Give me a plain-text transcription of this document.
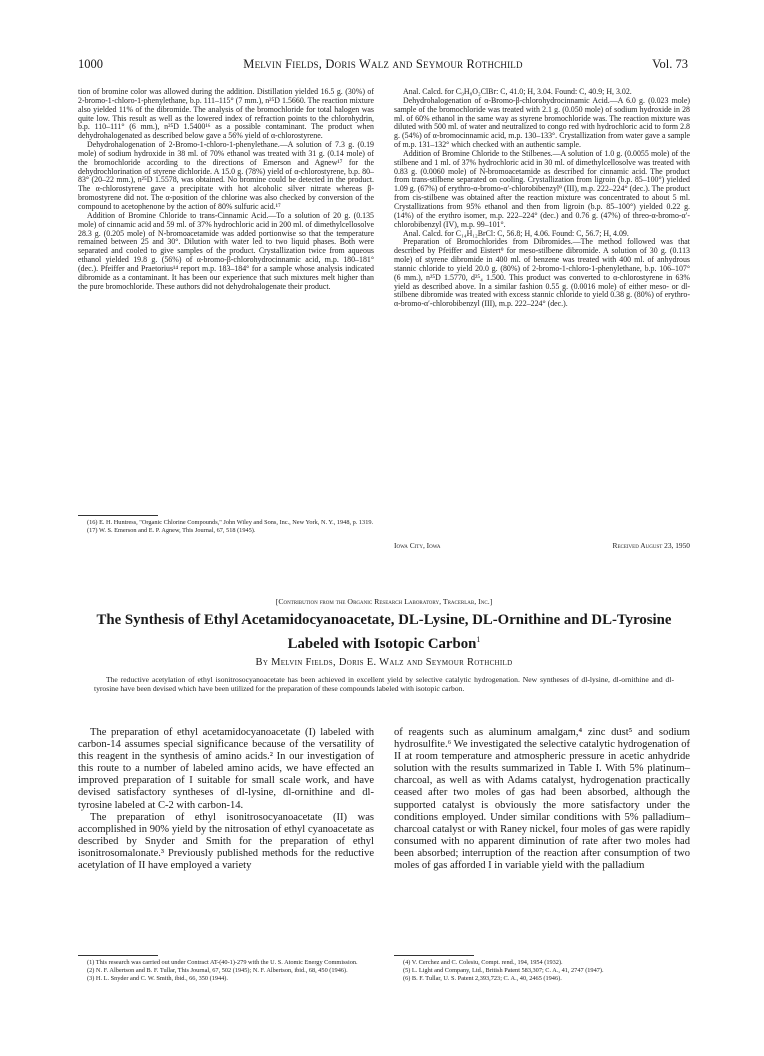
1000	Melvin Fields, Doris Walz and Seymour Rothchild	Vol. 73

tion of bromine color was allowed during the addition. Distillation yielded 16.5 g. (30%) of 2-bromo-1-chloro-1-phenylethane, b.p. 111–115° (7 mm.), n²⁵D 1.5660. The reaction mixture also yielded 11% of the dibromide. The analysis of the bromochloride for total halogen was quite low. This result as well as the lowered index of refraction points to the chlorohydrin, b.p. 110–111° (6 mm.), n²⁵D 1.5400¹⁶ as a possible contaminant. The product when dehydrohalogenated as described below gave a 56% yield of α-chlorostyrene.

Dehydrohalogenation of 2-Bromo-1-chloro-1-phenylethane.—A solution of 7.3 g. (0.19 mole) of sodium hydroxide in 38 ml. of 70% ethanol was treated with 31 g. (0.14 mole) of the bromochloride according to the directions of Emerson and Agnew¹⁷ for the dehydrochlorination of styrene dichloride. A 15.0 g. (78%) yield of α-chlorostyrene, b.p. 80–83° (20–22 mm.), n²⁵D 1.5578, was obtained. No bromine could be detected in the product. The α-chlorostyrene gave a precipitate with hot alcoholic silver nitrate whereas β-bromostyrene did not. The α-position of the chlorine was also checked by conversion of the compound to acetophenone by the action of 80% sulfuric acid.¹⁷

Addition of Bromine Chloride to trans-Cinnamic Acid.—To a solution of 20 g. (0.135 mole) of cinnamic acid and 59 ml. of 37% hydrochloric acid in 200 ml. of dimethylcellosolve 28.3 g. (0.205 mole) of N-bromoacetamide was added portionwise so that the temperature remained between 25 and 30°. Dilution with water led to two liquid phases. Both were separated and cooled to give samples of the product. Crystallization twice from aqueous ethanol yielded 19.8 g. (56%) of α-bromo-β-chlorohydrocinnamic acid, m.p. 180–181° (dec.). Pfeiffer and Praetorius¹⁴ report m.p. 183–184° for a sample whose analysis indicated dibromide as a contaminant. It has been our experience that such mixtures melt higher than the pure bromochloride. These authors did not dehydrohalogenate their product.

(16) E. H. Huntress, "Organic Chlorine Compounds," John Wiley and Sons, Inc., New York, N. Y., 1948, p. 1319.

(17) W. S. Emerson and E. P. Agnew, This Journal, 67, 518 (1945).

Anal. Calcd. for C₉H₈O₂ClBr: C, 41.0; H, 3.04. Found: C, 40.9; H, 3.02.

Dehydrohalogenation of α-Bromo-β-chlorohydrocinnamic Acid.—A 6.0 g. (0.023 mole) sample of the bromochloride was treated with 2.1 g. (0.050 mole) of sodium hydroxide in 28 ml. of 60% ethanol in the same way as styrene bromochloride was. The reaction mixture was diluted with 500 ml. of water and neutralized to congo red with hydrochloric acid to form 2.8 g. (54%) of α-bromocinnamic acid, m.p. 130–133°. Crystallization from water gave a sample of m.p. 131–132° which checked with an authentic sample.

Addition of Bromine Chloride to the Stilbenes.—A solution of 1.0 g. (0.0055 mole) of the stilbene and 1 ml. of 37% hydrochloric acid in 30 ml. of dimethylcellosolve was treated with 0.83 g. (0.0060 mole) of N-bromoacetamide as described for cinnamic acid. The product from trans-stilbene separated on cooling. Crystallization from ligroin (b.p. 85–100°) yielded 1.09 g. (67%) of erythro-α-bromo-α′-chlorobibenzyl⁹ (III), m.p. 222–224° (dec.). The product from cis-stilbene was obtained after the reaction mixture was concentrated to about 5 ml. Crystallizations from 95% ethanol and then from ligroin (b.p. 85–100°) yielded 0.22 g. (14%) of the erythro isomer, m.p. 222–224° (dec.) and 0.76 g. (47%) of threo-α-bromo-α′-chlorobibenzyl (IV), m.p. 99–101°.

Anal. Calcd. for C₁₄H₁₂BrCl: C, 56.8; H, 4.06. Found: C, 56.7; H, 4.09.

Preparation of Bromochlorides from Dibromides.—The method followed was that described by Pfeiffer and Eistert⁹ for meso-stilbene dibromide. A solution of 30 g. (0.113 mole) of styrene dibromide in 400 ml. of benzene was treated with 400 ml. of anhydrous stannic chloride to yield 20.0 g. (80%) of 2-bromo-1-chloro-1-phenylethane, b.p. 106–107° (6 mm.), n²⁵D 1.5770, d²⁵₄ 1.500. This product was converted to α-chlorostyrene in 63% yield as described above. In a similar fashion 0.55 g. (0.0016 mole) of either meso- or dl-stilbene dibromide was treated with excess stannic chloride to yield 0.38 g. (80%) of erythro-α-bromo-α′-chlorobibenzyl (III), m.p. 222–224° (dec.).

Iowa City, Iowa	Received August 23, 1950
[Contribution from the Organic Research Laboratory, Tracerlab, Inc.]
The Synthesis of Ethyl Acetamidocyanoacetate, DL-Lysine, DL-Ornithine and DL-Tyrosine Labeled with Isotopic Carbon$^1$
By Melvin Fields, Doris E. Walz and Seymour Rothchild
The reductive acetylation of ethyl isonitrosocyanoacetate has been achieved in excellent yield by selective catalytic hydrogenation. New syntheses of dl-lysine, dl-ornithine and dl-tyrosine have been devised which have been utilized for the preparation of these compounds labeled with isotopic carbon.

The preparation of ethyl acetamidocyanoacetate (I) labeled with carbon-14 assumes special significance because of the versatility of this reagent in the synthesis of amino acids.² In our investigation of this route to a number of labeled amino acids, we have effected an improved preparation of I suitable for small scale work, and have devised satisfactory syntheses of dl-lysine, dl-ornithine and dl-tyrosine labeled at C-2 with carbon-14.

The preparation of ethyl isonitrosocyanoacetate (II) was accomplished in 90% yield by the nitrosation of ethyl cyanoacetate as described by Snyder and Smith for the preparation of ethyl isonitrosomalonate.³ Previously published methods for the reductive acetylation of II have employed a variety

(1) This research was carried out under Contract AT-(40-1)-279 with the U. S. Atomic Energy Commission.

(2) N. F. Albertson and B. F. Tullar, This Journal, 67, 502 (1945); N. F. Albertson, ibid., 68, 450 (1946).

(3) H. L. Snyder and C. W. Smith, ibid., 66, 350 (1944).

of reagents such as aluminum amalgam,⁴ zinc dust⁵ and sodium hydrosulfite.⁶ We investigated the selective catalytic hydrogenation of II at room temperature and atmospheric pressure in acetic anhydride solution with the results summarized in Table I. With 5% platinum–charcoal, as well as with Adams catalyst, hydrogenation practically ceased after two moles of gas had been absorbed, although the supported catalyst is obviously the more satisfactory under the conditions employed. Under similar conditions with 5% palladium–charcoal catalyst or with Raney nickel, four moles of gas were rapidly consumed with no apparent diminution of rate after two moles had been absorbed; interruption of the reaction after consumption of two moles of gas afforded I in variable yield with the palladium

(4) V. Cerchez and C. Colesiu, Compt. rend., 194, 1954 (1932).

(5) L. Light and Company, Ltd., British Patent 583,307; C. A., 41, 2747 (1947).

(6) B. F. Tullar, U. S. Patent 2,393,723; C. A., 40, 2465 (1946).
